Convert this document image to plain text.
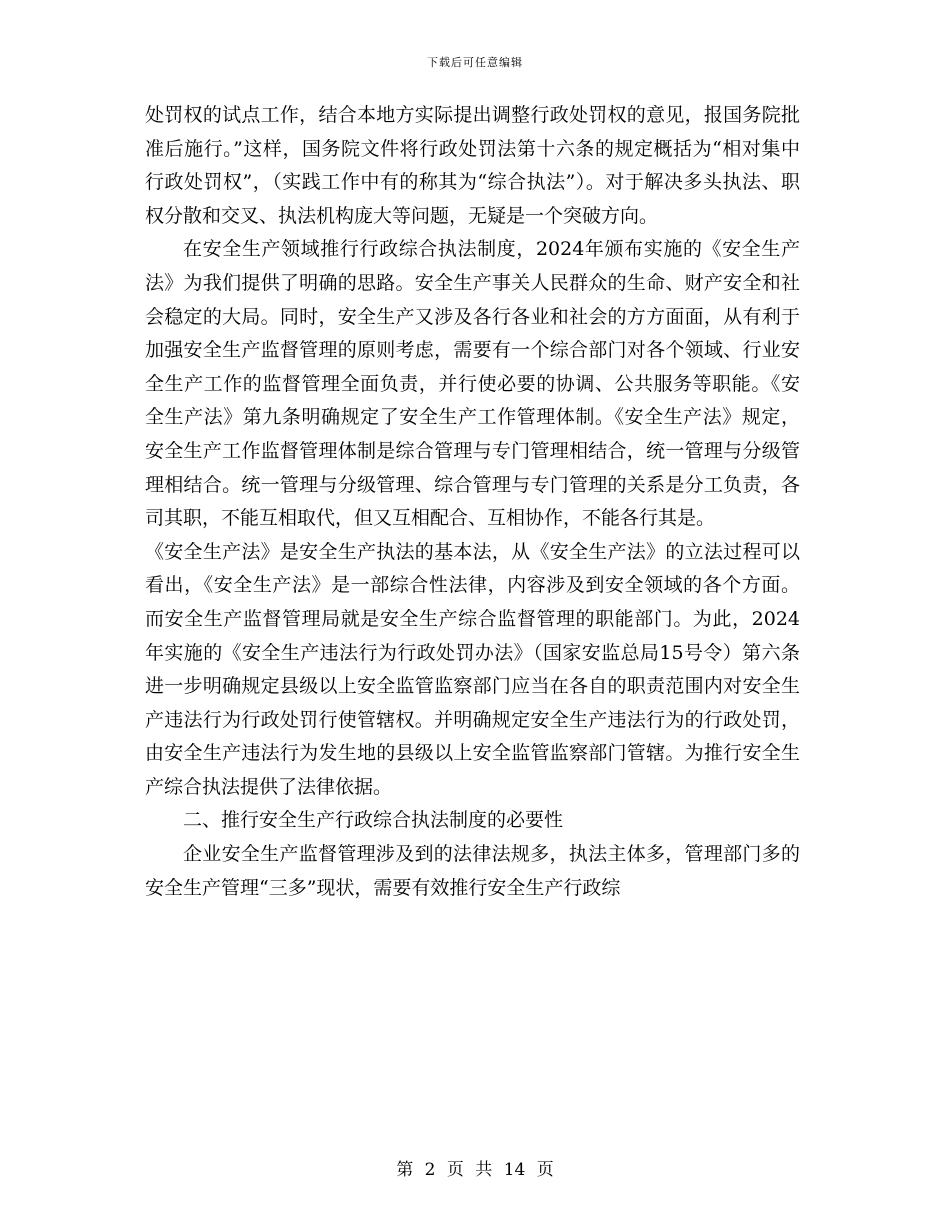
下载后可任意编辑

处罚权的试点工作，结合本地方实际提出调整行政处罚权的意见，报国务院批准后施行。”这样，国务院文件将行政处罚法第十六条的规定概括为“相对集中行政处罚权”，（实践工作中有的称其为“综合执法”）。对于解决多头执法、职权分散和交叉、执法机构庞大等问题，无疑是一个突破方向。

在安全生产领域推行行政综合执法制度，2024年颁布实施的《安全生产法》为我们提供了明确的思路。安全生产事关人民群众的生命、财产安全和社会稳定的大局。同时，安全生产又涉及各行各业和社会的方方面面，从有利于加强安全生产监督管理的原则考虑，需要有一个综合部门对各个领域、行业安全生产工作的监督管理全面负责，并行使必要的协调、公共服务等职能。《安全生产法》第九条明确规定了安全生产工作管理体制。《安全生产法》规定，安全生产工作监督管理体制是综合管理与专门管理相结合，统一管理与分级管理相结合。统一管理与分级管理、综合管理与专门管理的关系是分工负责，各司其职，不能互相取代，但又互相配合、互相协作，不能各行其是。

《安全生产法》是安全生产执法的基本法，从《安全生产法》的立法过程可以看出，《安全生产法》是一部综合性法律，内容涉及到安全领域的各个方面。而安全生产监督管理局就是安全生产综合监督管理的职能部门。为此，2024年实施的《安全生产违法行为行政处罚办法》（国家安监总局15号令）第六条进一步明确规定县级以上安全监管监察部门应当在各自的职责范围内对安全生产违法行为行政处罚行使管辖权。并明确规定安全生产违法行为的行政处罚，由安全生产违法行为发生地的县级以上安全监管监察部门管辖。为推行安全生产综合执法提供了法律依据。

二、推行安全生产行政综合执法制度的必要性

企业安全生产监督管理涉及到的法律法规多，执法主体多，管理部门多的安全生产管理“三多”现状，需要有效推行安全生产行政综

第 2 页 共 14 页
